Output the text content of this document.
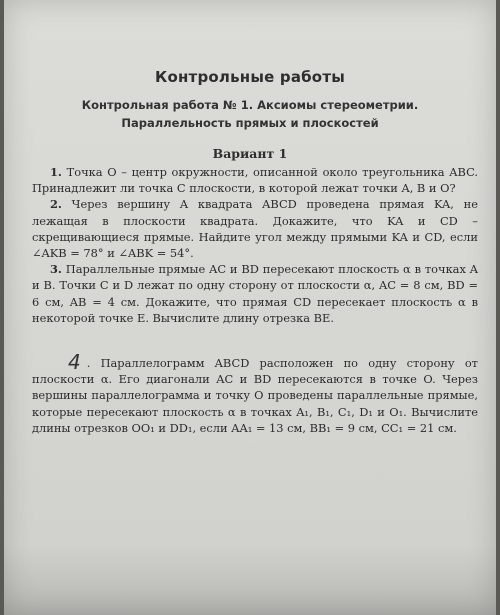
Контрольные работы
Контрольная работа № 1. Аксиомы стереометрии.
Параллельность прямых и плоскостей
Вариант 1

1. Точка O – центр окружности, описанной около треугольника ABC. Принадлежит ли точка C плоскости, в которой лежат точки A, B и O?

2. Через вершину A квадрата ABCD проведена прямая KA, не лежащая в плоскости квадрата. Докажите, что KA и CD – скрещивающиеся прямые. Найдите угол между прямыми KA и CD, если ∠AKB = 78° и ∠ABK = 54°.

3. Параллельные прямые AC и BD пересекают плоскость α в точках A и B. Точки C и D лежат по одну сторону от плоскости α, AC = 8 см, BD = 6 см, AB = 4 см. Докажите, что прямая CD пересекает плоскость α в некоторой точке E. Вычислите длину отрезка BE.

4 . Параллелограмм ABCD расположен по одну сторону от плоскости α. Его диагонали AC и BD пересекаются в точке O. Через вершины параллелограмма и точку O проведены параллельные прямые, которые пересекают плоскость α в точках A₁, B₁, C₁, D₁ и O₁. Вычислите длины отрезков OO₁ и DD₁, если AA₁ = 13 см, BB₁ = 9 см, CC₁ = 21 см.
